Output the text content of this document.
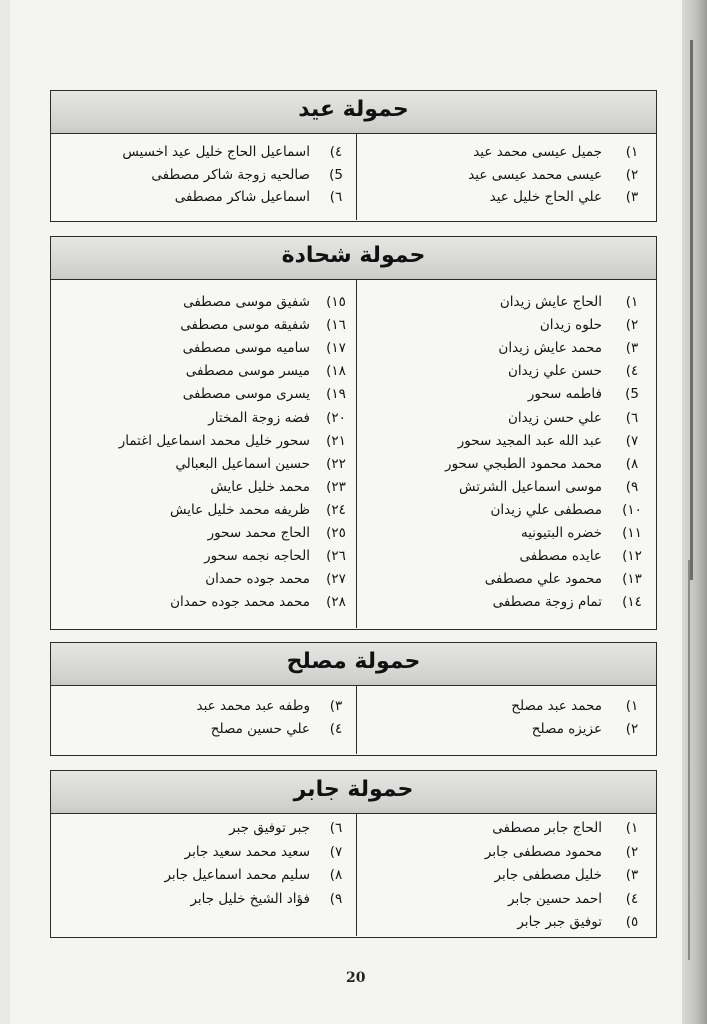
حمولة عيد
١)
جميل عيسى محمد عيد
٢)
عيسى محمد عيسى عيد
٣)
علي الحاج خليل عيد
٤)
اسماعيل الحاج خليل عيد اخسيس
5)
صالحيه زوجة شاكر مصطفى
٦)
اسماعيل شاكر مصطفى
حمولة شحادة
١)
الحاج عايش زيدان
٢)
حلوه زيدان
٣)
محمد عايش زيدان
٤)
حسن علي زيدان
5)
فاطمه سحور
٦)
علي حسن زيدان
٧)
عبد الله عبد المجيد سحور
٨)
محمد محمود الطبجي سحور
٩)
موسى اسماعيل الشرتش
١٠)
مصطفى علي زيدان
١١)
خضره البتيونيه
١٢)
عايده مصطفى
١٣)
محمود علي مصطفى
١٤)
تمام زوجة مصطفى
١٥)
شفيق موسى مصطفى
١٦)
شفيقه موسى مصطفى
١٧)
ساميه موسى مصطفى
١٨)
ميسر موسى مصطفى
١٩)
يسرى موسى مصطفى
٢٠)
فضه زوجة المختار
٢١)
سحور خليل محمد اسماعيل اغتمار
٢٢)
حسين اسماعيل البعبالي
٢٣)
محمد خليل عايش
٢٤)
ظريفه محمد خليل عايش
٢٥)
الحاج محمد سحور
٢٦)
الحاجه نجمه سحور
٢٧)
محمد جوده حمدان
٢٨)
محمد محمد جوده حمدان
حمولة مصلح
١)
محمد عبد مصلح
٢)
عزيزه مصلح
٣)
وطفه عبد محمد عبد
٤)
علي حسين مصلح
حمولة جابر
١)
الحاج جابر مصطفى
٢)
محمود مصطفى جابر
٣)
خليل مصطفى جابر
٤)
احمد حسين جابر
٥)
توفيق جبر جابر
٦)
جبر توفيق جبر
٧)
سعيد محمد سعيد جابر
٨)
سليم محمد اسماعيل جابر
٩)
فؤاد الشيخ خليل جابر
20
